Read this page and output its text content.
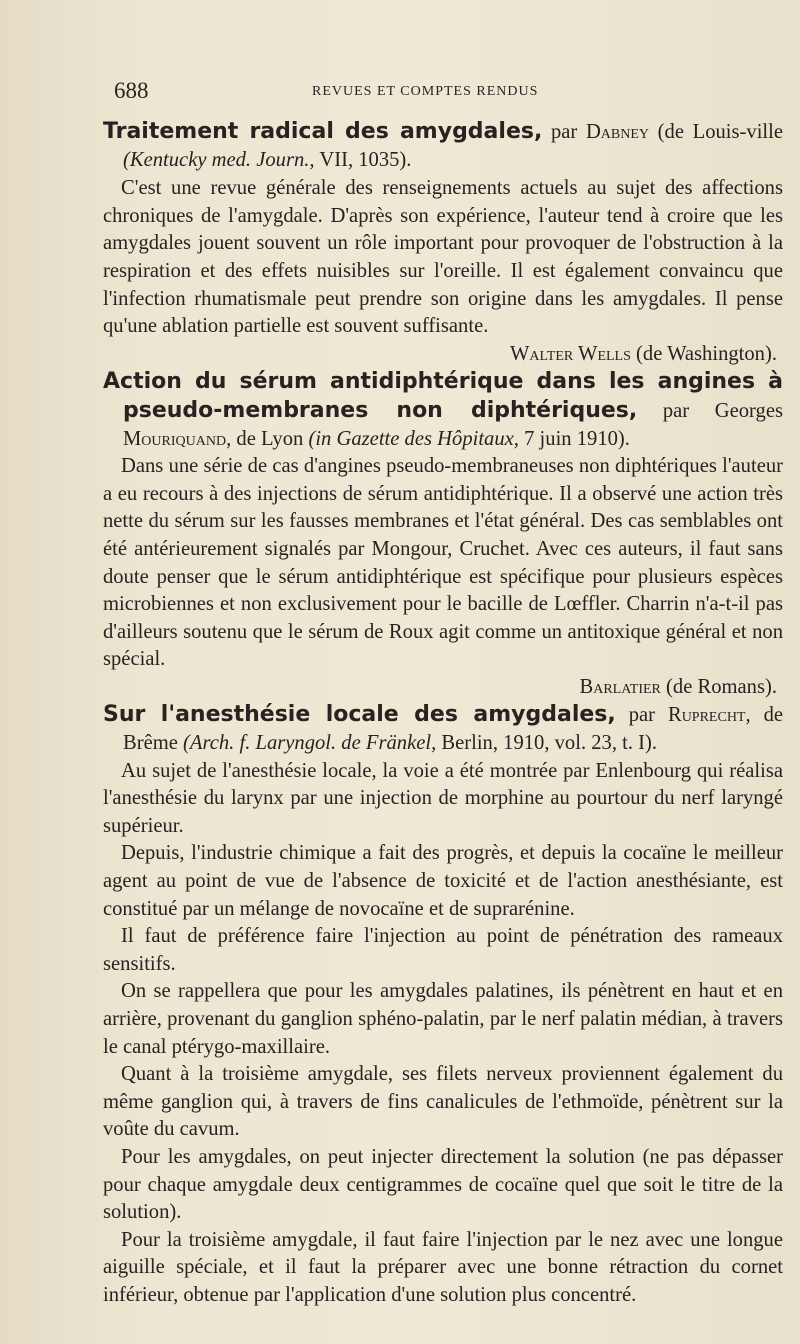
688	REVUES ET COMPTES RENDUS

Traitement radical des amygdales, par Dabney (de Louis-ville (Kentucky med. Journ., VII, 1035).

C'est une revue générale des renseignements actuels au sujet des affections chroniques de l'amygdale. D'après son expérience, l'auteur tend à croire que les amygdales jouent souvent un rôle important pour provoquer de l'obstruction à la respiration et des effets nuisibles sur l'oreille. Il est également convaincu que l'infection rhumatismale peut prendre son origine dans les amygdales. Il pense qu'une ablation partielle est souvent suffisante.

Walter Wells (de Washington).

Action du sérum antidiphtérique dans les angines à pseudo-membranes non diphtériques, par Georges Mouriquand, de Lyon (in Gazette des Hôpitaux, 7 juin 1910).

Dans une série de cas d'angines pseudo-membraneuses non diphtériques l'auteur a eu recours à des injections de sérum antidiphtérique. Il a observé une action très nette du sérum sur les fausses membranes et l'état général. Des cas semblables ont été antérieurement signalés par Mongour, Cruchet. Avec ces auteurs, il faut sans doute penser que le sérum antidiphtérique est spécifique pour plusieurs espèces microbiennes et non exclusivement pour le bacille de Lœffler. Charrin n'a-t-il pas d'ailleurs soutenu que le sérum de Roux agit comme un antitoxique général et non spécial.

Barlatier (de Romans).

Sur l'anesthésie locale des amygdales, par Ruprecht, de Brême (Arch. f. Laryngol. de Fränkel, Berlin, 1910, vol. 23, t. I).

Au sujet de l'anesthésie locale, la voie a été montrée par Enlenbourg qui réalisa l'anesthésie du larynx par une injection de morphine au pourtour du nerf laryngé supérieur.

Depuis, l'industrie chimique a fait des progrès, et depuis la cocaïne le meilleur agent au point de vue de l'absence de toxicité et de l'action anesthésiante, est constitué par un mélange de novocaïne et de suprarénine.

Il faut de préférence faire l'injection au point de pénétration des rameaux sensitifs.

On se rappellera que pour les amygdales palatines, ils pénètrent en haut et en arrière, provenant du ganglion sphéno-palatin, par le nerf palatin médian, à travers le canal ptérygo-maxillaire.

Quant à la troisième amygdale, ses filets nerveux proviennent également du même ganglion qui, à travers de fins canalicules de l'ethmoïde, pénètrent sur la voûte du cavum.

Pour les amygdales, on peut injecter directement la solution (ne pas dépasser pour chaque amygdale deux centigrammes de cocaïne quel que soit le titre de la solution).

Pour la troisième amygdale, il faut faire l'injection par le nez avec une longue aiguille spéciale, et il faut la préparer avec une bonne rétraction du cornet inférieur, obtenue par l'application d'une solution plus concentré.
